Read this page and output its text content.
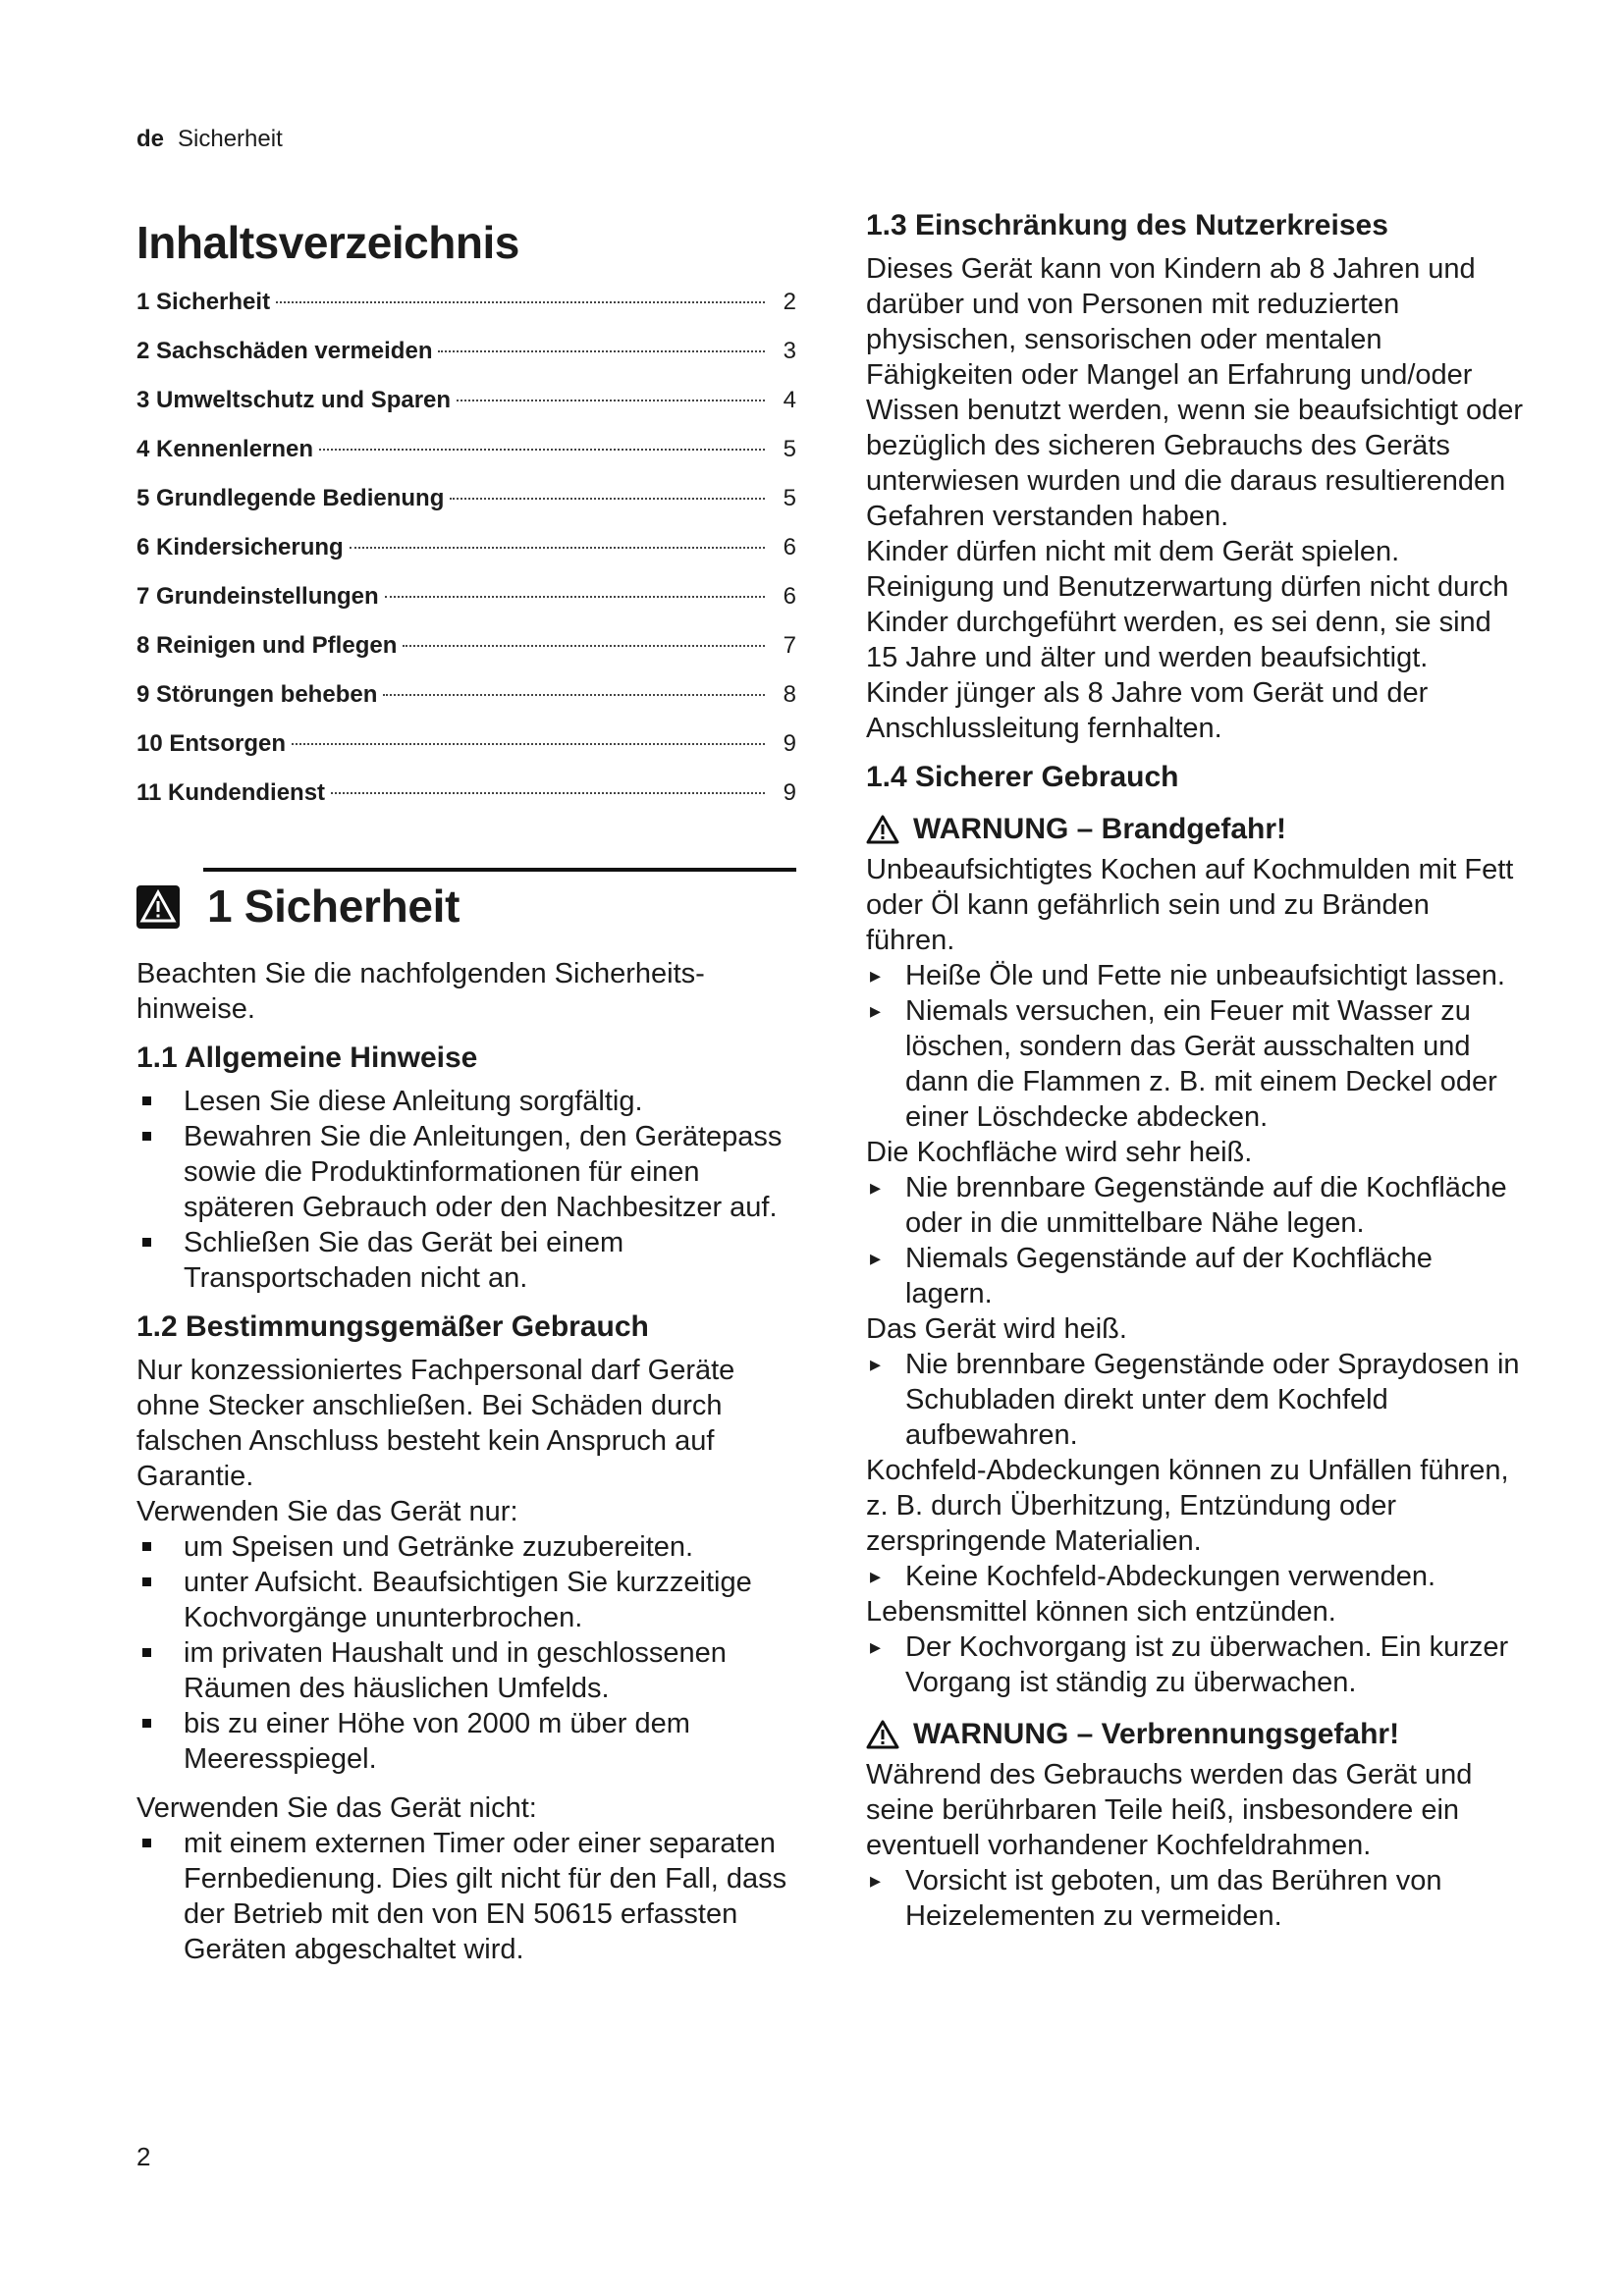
de Sicherheit
Inhaltsverzeichnis
1 Sicherheit	2
2 Sachschäden vermeiden	3
3 Umweltschutz und Sparen	4
4 Kennenlernen	5
5 Grundlegende Bedienung	5
6 Kindersicherung	6
7 Grundeinstellungen	6
8 Reinigen und Pflegen	7
9 Störungen beheben	8
10 Entsorgen	9
11 Kundendienst	9
1 Sicherheit

Beachten Sie die nachfolgenden Sicherheits-hinweise.

1.1 Allgemeine Hinweise
Lesen Sie diese Anleitung sorgfältig.
Bewahren Sie die Anleitungen, den Gerätepass sowie die Produktinformationen für einen späteren Gebrauch oder den Nachbesitzer auf.
Schließen Sie das Gerät bei einem Transportschaden nicht an.
1.2 Bestimmungsgemäßer Gebrauch

Nur konzessioniertes Fachpersonal darf Geräte ohne Stecker anschließen. Bei Schäden durch falschen Anschluss besteht kein Anspruch auf Garantie.

Verwenden Sie das Gerät nur:

um Speisen und Getränke zuzubereiten.
unter Aufsicht. Beaufsichtigen Sie kurzzeitige Kochvorgänge ununterbrochen.
im privaten Haushalt und in geschlossenen Räumen des häuslichen Umfelds.
bis zu einer Höhe von 2000 m über dem Meeresspiegel.

Verwenden Sie das Gerät nicht:

mit einem externen Timer oder einer separaten Fernbedienung. Dies gilt nicht für den Fall, dass der Betrieb mit den von EN 50615 erfassten Geräten abgeschaltet wird.
1.3 Einschränkung des Nutzerkreises

Dieses Gerät kann von Kindern ab 8 Jahren und darüber und von Personen mit reduzierten physischen, sensorischen oder mentalen Fähigkeiten oder Mangel an Erfahrung und/oder Wissen benutzt werden, wenn sie beaufsichtigt oder bezüglich des sicheren Gebrauchs des Geräts unterwiesen wurden und die daraus resultierenden Gefahren verstanden haben.

Kinder dürfen nicht mit dem Gerät spielen.

Reinigung und Benutzerwartung dürfen nicht durch Kinder durchgeführt werden, es sei denn, sie sind 15 Jahre und älter und werden beaufsichtigt.

Kinder jünger als 8 Jahre vom Gerät und der Anschlussleitung fernhalten.

1.4 Sicherer Gebrauch
WARNUNG – Brandgefahr!

Unbeaufsichtigtes Kochen auf Kochmulden mit Fett oder Öl kann gefährlich sein und zu Bränden führen.

▸ Heiße Öle und Fette nie unbeaufsichtigt lassen.
▸ Niemals versuchen, ein Feuer mit Wasser zu löschen, sondern das Gerät ausschalten und dann die Flammen z. B. mit einem Deckel oder einer Löschdecke abdecken.

Die Kochfläche wird sehr heiß.

▸ Nie brennbare Gegenstände auf die Kochfläche oder in die unmittelbare Nähe legen.
▸ Niemals Gegenstände auf der Kochfläche lagern.

Das Gerät wird heiß.

▸ Nie brennbare Gegenstände oder Spraydosen in Schubladen direkt unter dem Kochfeld aufbewahren.

Kochfeld-Abdeckungen können zu Unfällen führen, z. B. durch Überhitzung, Entzündung oder zerspringende Materialien.

▸ Keine Kochfeld-Abdeckungen verwenden.

Lebensmittel können sich entzünden.

▸ Der Kochvorgang ist zu überwachen. Ein kurzer Vorgang ist ständig zu überwachen.
WARNUNG – Verbrennungsgefahr!

Während des Gebrauchs werden das Gerät und seine berührbaren Teile heiß, insbesondere ein eventuell vorhandener Kochfeldrahmen.

▸ Vorsicht ist geboten, um das Berühren von Heizelementen zu vermeiden.
2
